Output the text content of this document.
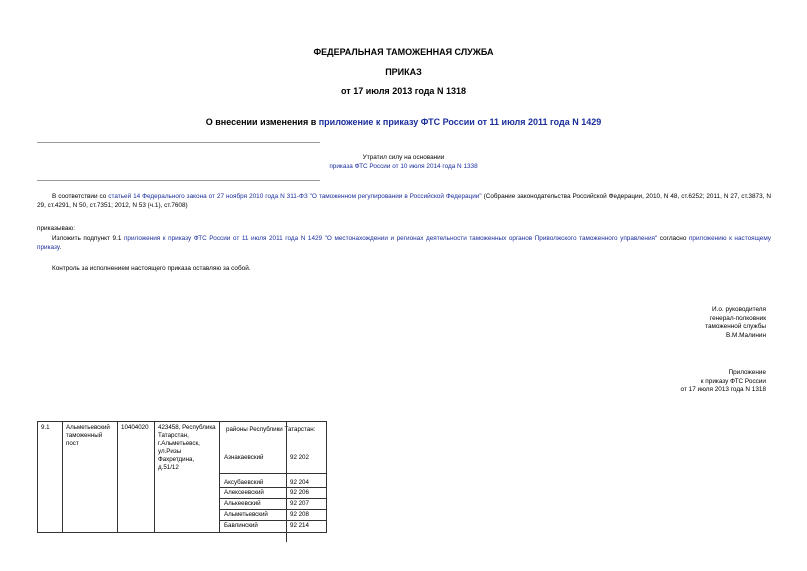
ФЕДЕРАЛЬНАЯ ТАМОЖЕННАЯ СЛУЖБА
ПРИКАЗ
от 17 июля 2013 года N 1318
О внесении изменения в приложение к приказу ФТС России от 11 июля 2011 года N 1429
Утратил силу на основании
приказа ФТС России от 10 июля 2014 года N 1338
В соответствии со статьей 14 Федерального закона от 27 ноября 2010 года N 311-ФЗ "О таможенном регулировании в Российской Федерации" (Собрание законодательства Российской Федерации, 2010, N 48, ст.6252; 2011, N 27, ст.3873, N 29, ст.4291, N 50, ст.7351; 2012, N 53 (ч.1), ст.7608)
приказываю:
Изложить подпункт 9.1 приложения к приказу ФТС России от 11 июля 2011 года N 1429 "О местонахождении и регионах деятельности таможенных органов Приволжского таможенного управления" согласно приложению к настоящему приказу.
Контроль за исполнением настоящего приказа оставляю за собой.
И.о. руководителя
генерал-полковник
таможенной службы
В.М.Малинин
Приложение
к приказу ФТС России
от 17 июля 2013 года N 1318
9.1	Альметьевский таможенный пост	10404020	423458, Республика Татарстан, г.Альметьевск, ул.Ризы Фахретдина, д.51/12	
районы Республики Татарстан:
Азнакаевский	92 202
Аксубаевский	92 204
Алексеевский	92 206
Алькеевский	92 207
Альметьевский	92 208
Бавлинский	92 214
